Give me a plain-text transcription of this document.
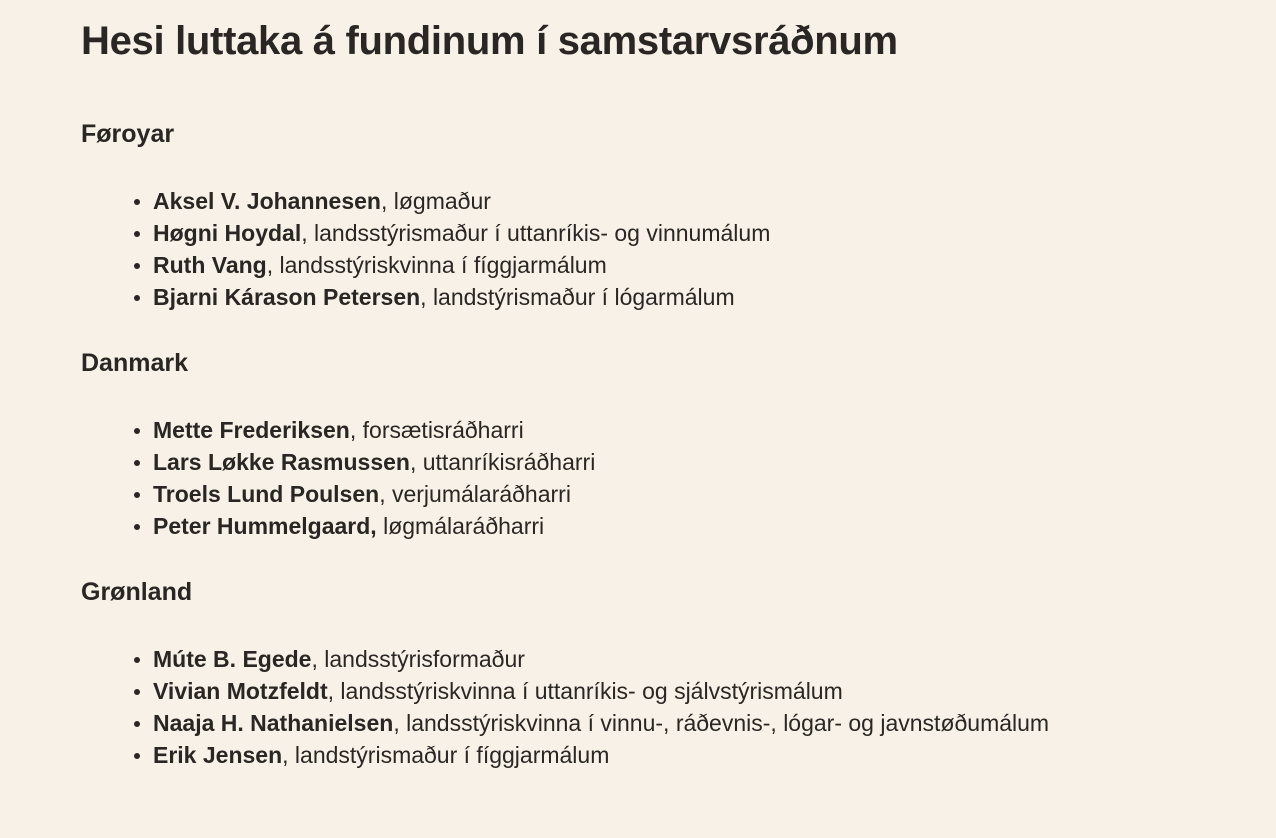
Hesi luttaka á fundinum í samstarvsráðnum
Føroyar
Aksel V. Johannesen, løgmaður
Høgni Hoydal, landsstýrismaður í uttanríkis- og vinnumálum
Ruth Vang, landsstýriskvinna í fíggjarmálum
Bjarni Kárason Petersen, landstýrismaður í lógarmálum
Danmark
Mette Frederiksen, forsætisráðharri
Lars Løkke Rasmussen, uttanríkisráðharri
Troels Lund Poulsen, verjumálaráðharri
Peter Hummelgaard, løgmálaráðharri
Grønland
Múte B. Egede, landsstýrisformaður
Vivian Motzfeldt, landsstýriskvinna í uttanríkis- og sjálvstýrismálum
Naaja H. Nathanielsen, landsstýriskvinna í vinnu-, ráðevnis-, lógar- og javnstøðumálum
Erik Jensen, landstýrismaður í fíggjarmálum
